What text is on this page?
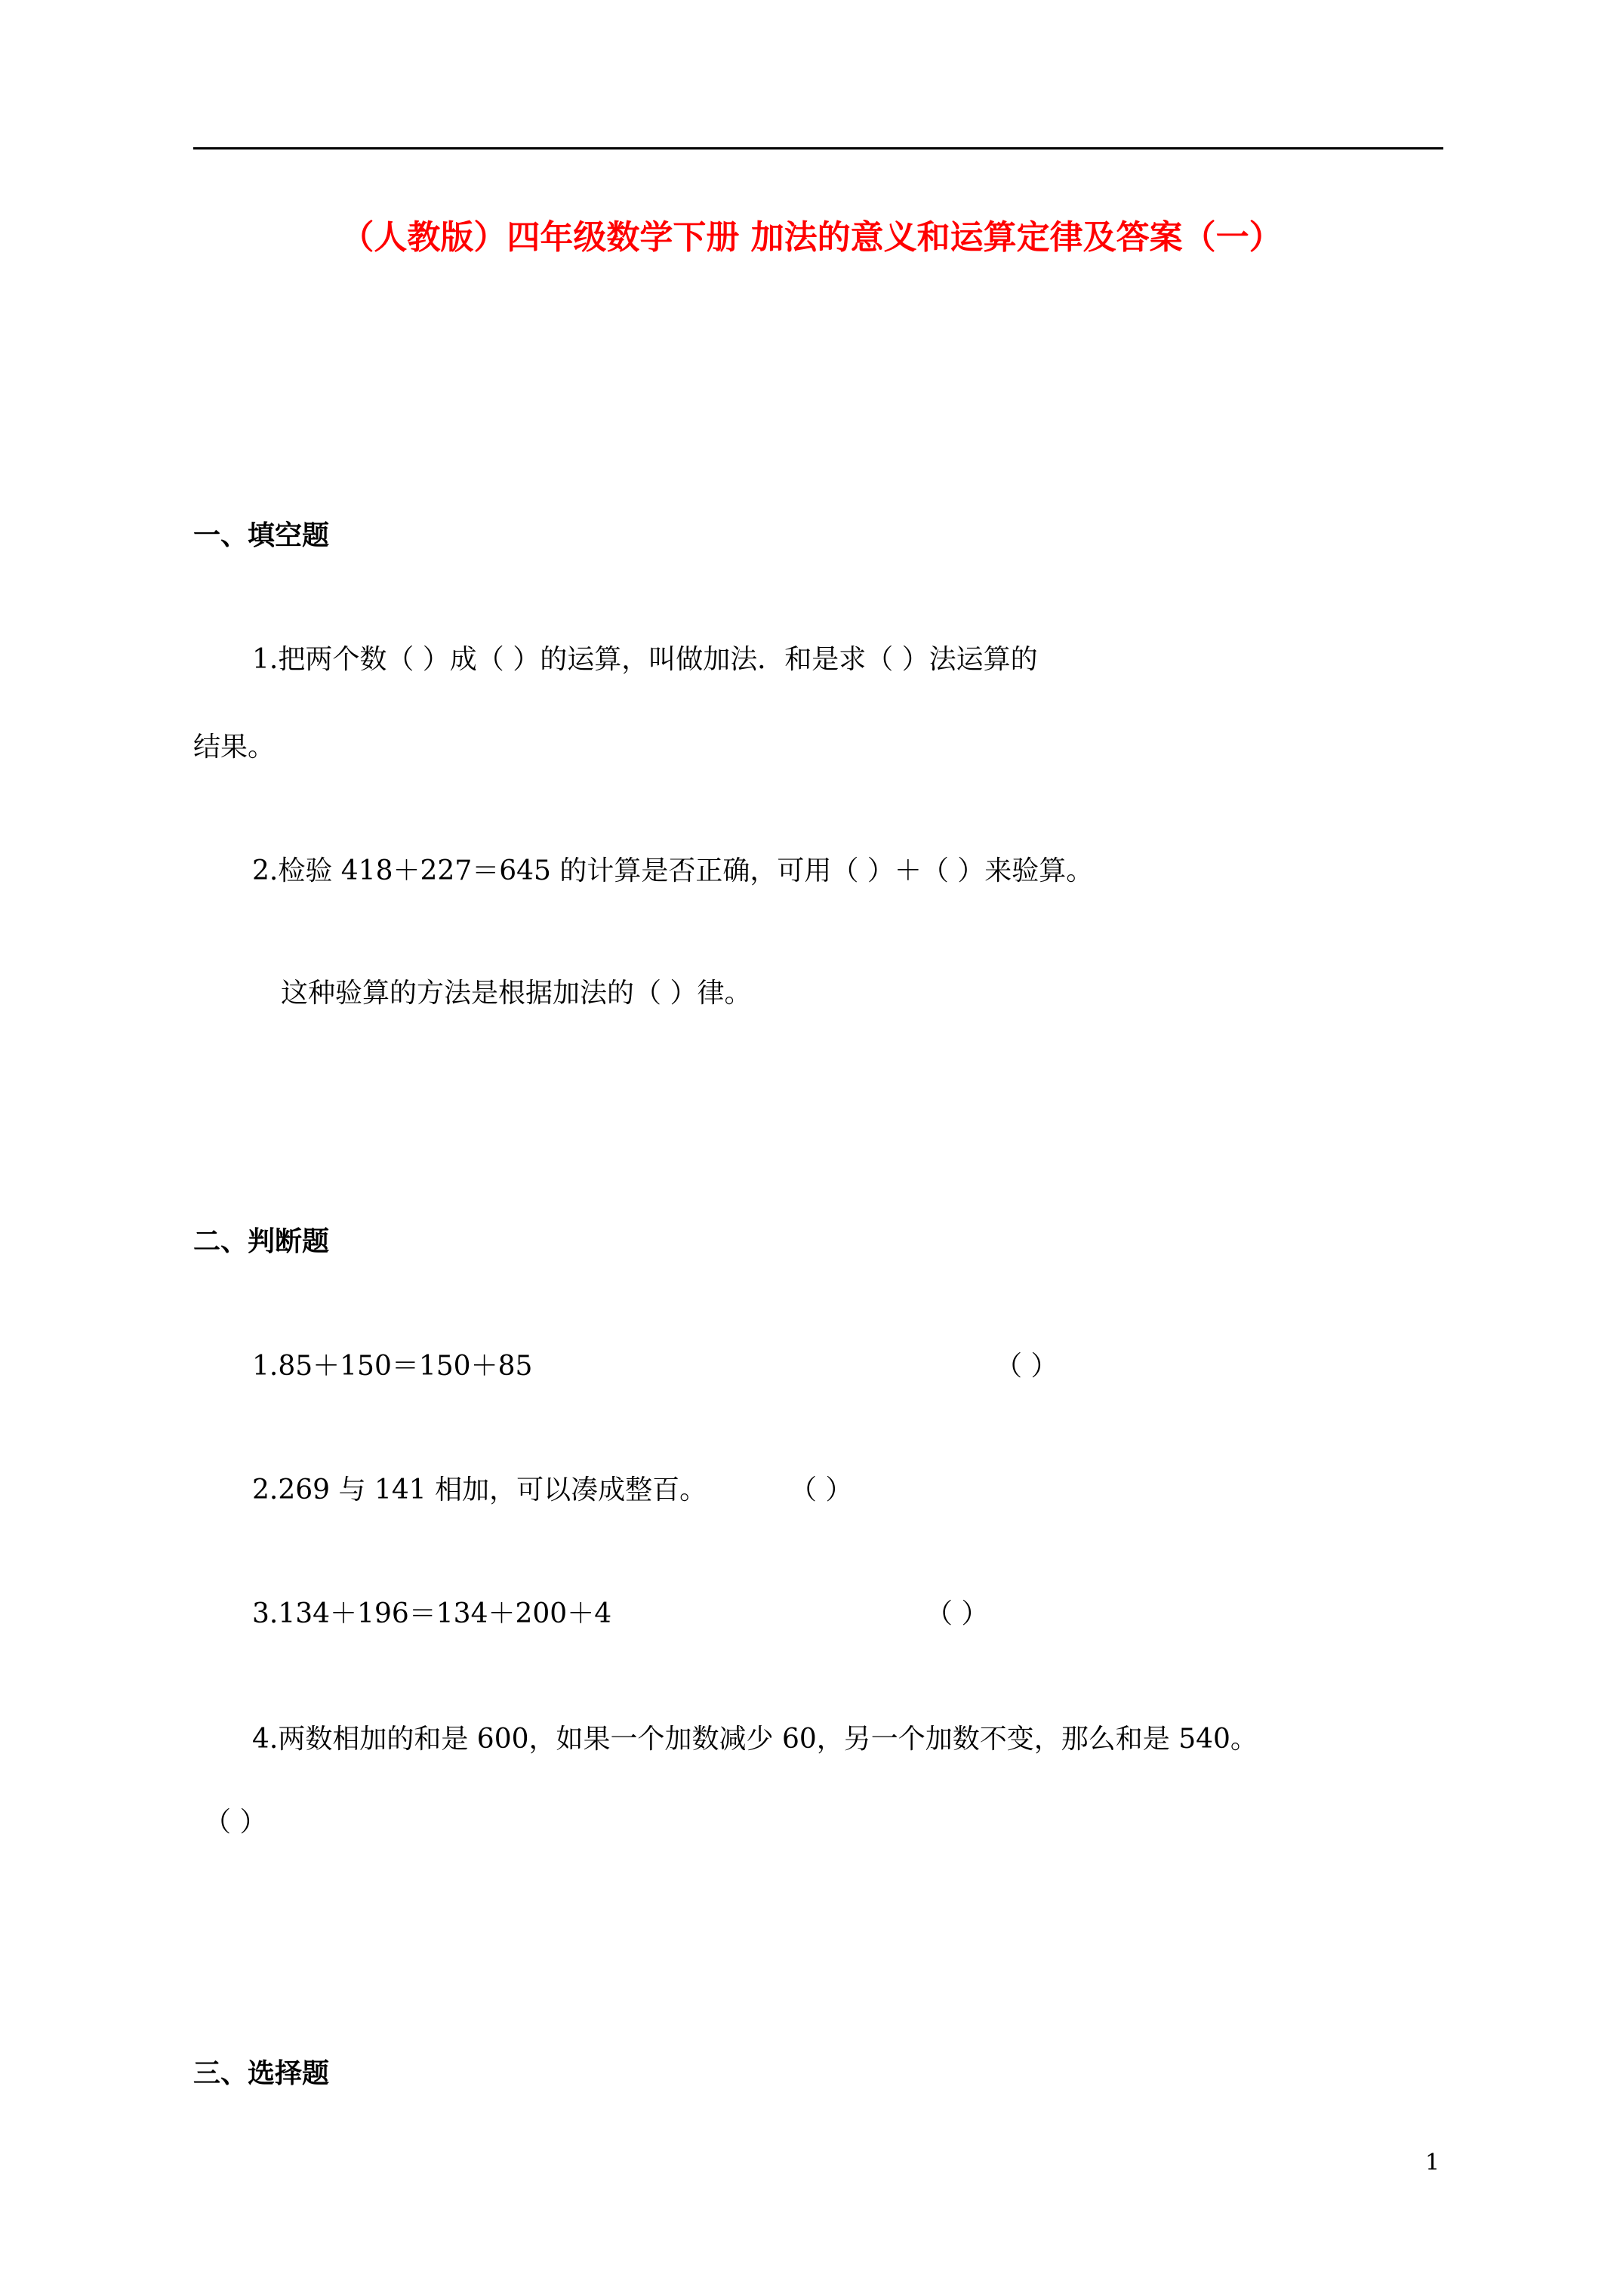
（人教版）四年级数学下册 加法的意义和运算定律及答案（一）
一、填空题
1.把两个数（ ）成（ ）的运算，叫做加法．和是求（ ）法运算的
结果。
2.检验 418＋227＝645 的计算是否正确，可用（ ）＋（ ）来验算。
这种验算的方法是根据加法的（ ）律。
二、判断题
1.85＋150＝150＋85	（ ）
2.269 与 141 相加，可以凑成整百。	（ ）
3.134＋196＝134＋200＋4	（ ）
4.两数相加的和是 600，如果一个加数减少 60，另一个加数不变，那么和是 540。
（ ）
三、选择题
1
